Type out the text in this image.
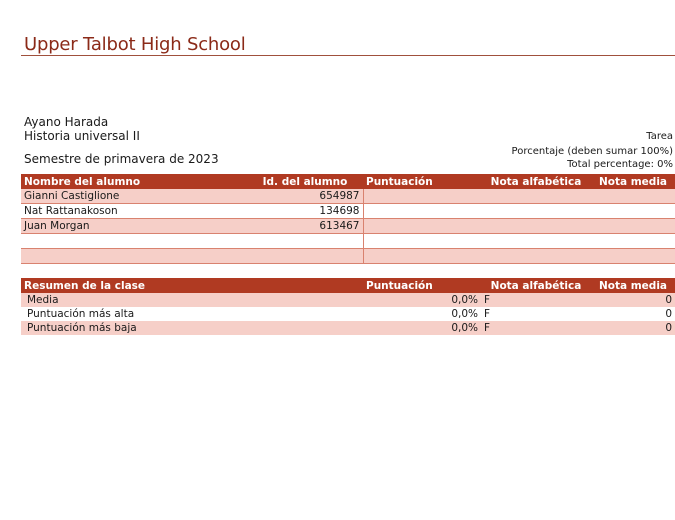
Upper Talbot High School
Ayano Harada
Historia universal II
Semestre de primavera de 2023
Tarea
Porcentaje (deben sumar 100%)
Total percentage: 0%
Nombre del alumno	Id. del alumno	Puntuación	Nota alfabética	Nota media
Gianni Castiglione	654987			
Nat Rattanakoson	134698			
Juan Morgan	613467			

Resumen de la clase	Puntuación	Nota alfabética	Nota media
Media	0,0%	F	0
Puntuación más alta	0,0%	F	0
Puntuación más baja	0,0%	F	0
